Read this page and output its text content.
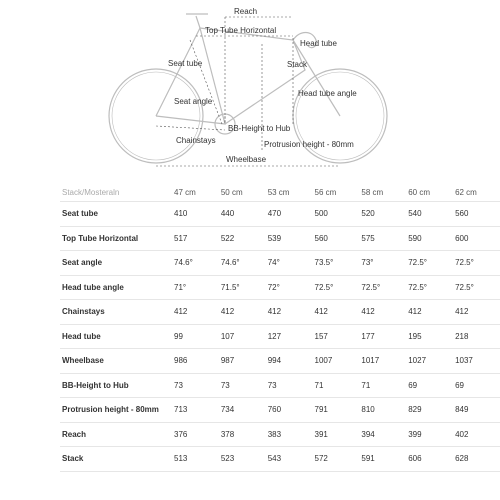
Reach
Top Tube Horizontal
Head tube
Seat tube	Stack
Head tube angle
Seat angle
BB-Height to Hub
Chainstays	Protrusion height - 80mm
Wheelbase
Stack/Mosteraln	47 cm	50 cm	53 cm	56 cm	58 cm	60 cm	62 cm
Seat tube	410	440	470	500	520	540	560
Top Tube Horizontal	517	522	539	560	575	590	600
Seat angle	74.6°	74.6°	74°	73.5°	73°	72.5°	72.5°
Head tube angle	71°	71.5°	72°	72.5°	72.5°	72.5°	72.5°
Chainstays	412	412	412	412	412	412	412
Head tube	99	107	127	157	177	195	218
Wheelbase	986	987	994	1007	1017	1027	1037
BB-Height to Hub	73	73	73	71	71	69	69
Protrusion height - 80mm	713	734	760	791	810	829	849
Reach	376	378	383	391	394	399	402
Stack	513	523	543	572	591	606	628
